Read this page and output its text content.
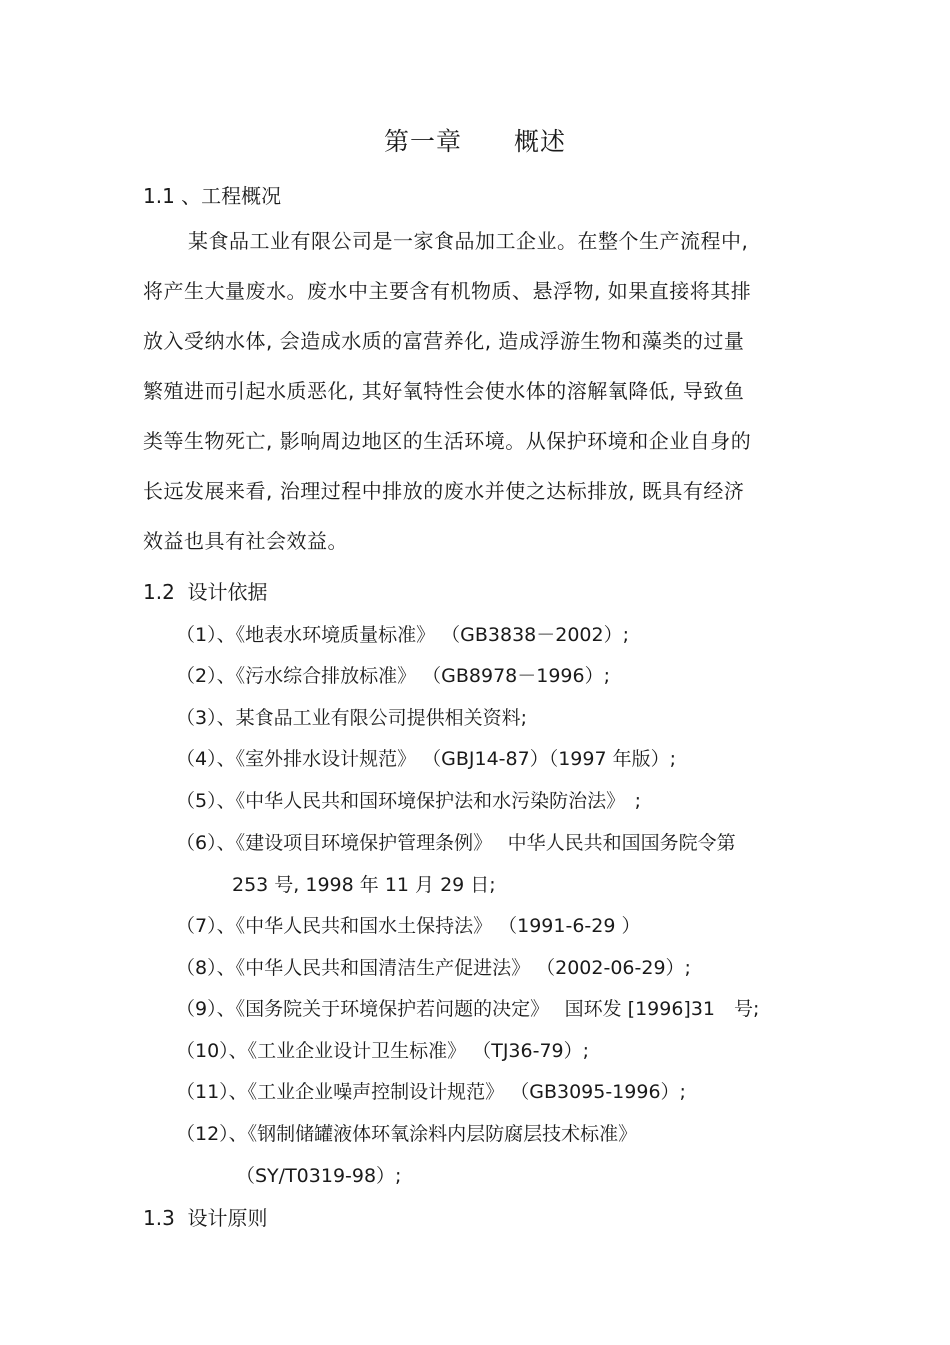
第一章　　概述
1.1 、工程概况
某食品工业有限公司是一家食品加工企业。在整个生产流程中,
将产生大量废水。废水中主要含有机物质、悬浮物, 如果直接将其排
放入受纳水体, 会造成水质的富营养化, 造成浮游生物和藻类的过量
繁殖进而引起水质恶化, 其好氧特性会使水体的溶解氧降低, 导致鱼
类等生物死亡, 影响周边地区的生活环境。从保护环境和企业自身的
长远发展来看, 治理过程中排放的废水并使之达标排放, 既具有经济
效益也具有社会效益。
1.2  设计依据
（1）、《地表水环境质量标准》 （GB3838－2002）;
（2）、《污水综合排放标准》 （GB8978－1996）;
（3）、某食品工业有限公司提供相关资料;
（4）、《室外排水设计规范》 （GBJ14-87）（1997 年版）;
（5）、《中华人民共和国环境保护法和水污染防治法》　;
（6）、《建设项目环境保护管理条例》　 中华人民共和国国务院令第
253 号, 1998 年 11 月 29 日;
（7）、《中华人民共和国水土保持法》 （1991-6-29 ）
（8）、《中华人民共和国清洁生产促进法》 （2002-06-29）;
（9）、《国务院关于环境保护若问题的决定》　 国环发 [1996]31　号;
（10）、《工业企业设计卫生标准》 （TJ36-79）;
（11）、《工业企业噪声控制设计规范》 （GB3095-1996）;
（12）、《钢制储罐液体环氧涂料内层防腐层技术标准》
（SY/T0319-98）;
1.3  设计原则
